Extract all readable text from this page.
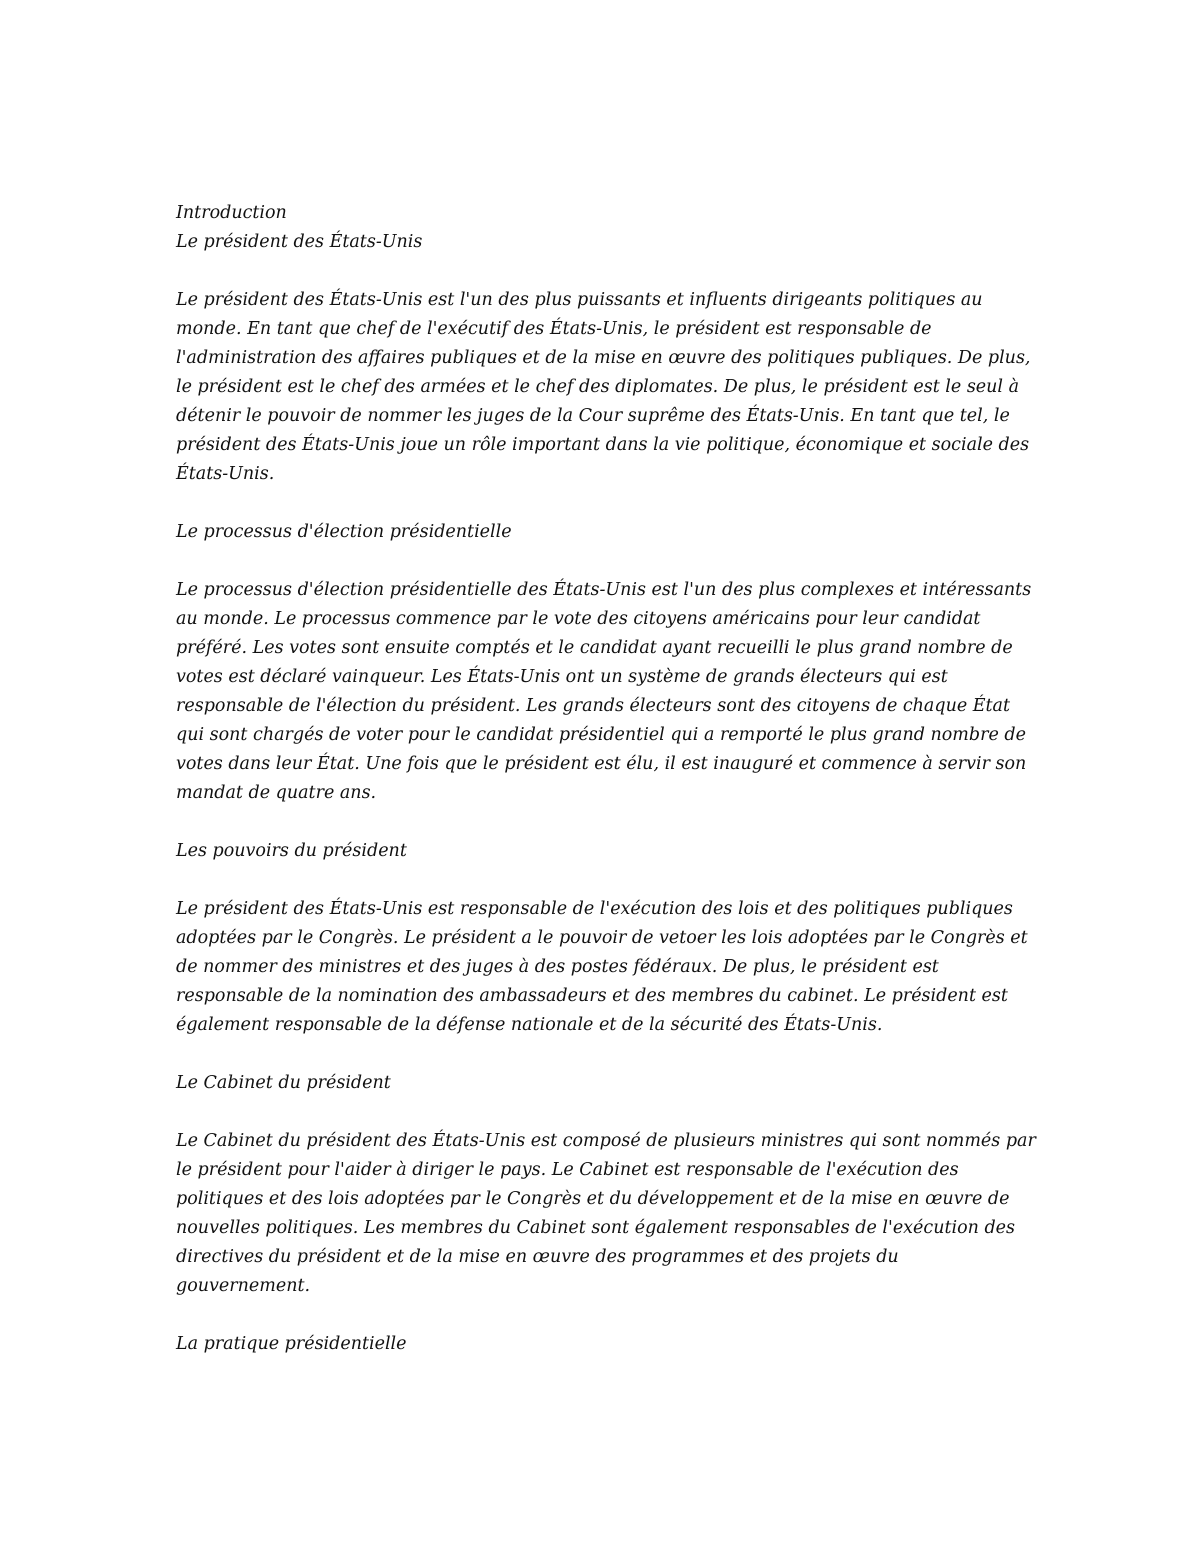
Introduction
Le président des États-Unis
Le président des États-Unis est l'un des plus puissants et influents dirigeants politiques au
monde. En tant que chef de l'exécutif des États-Unis, le président est responsable de
l'administration des affaires publiques et de la mise en œuvre des politiques publiques. De plus,
le président est le chef des armées et le chef des diplomates. De plus, le président est le seul à
détenir le pouvoir de nommer les juges de la Cour suprême des États-Unis. En tant que tel, le
président des États-Unis joue un rôle important dans la vie politique, économique et sociale des
États-Unis.
Le processus d'élection présidentielle
Le processus d'élection présidentielle des États-Unis est l'un des plus complexes et intéressants
au monde. Le processus commence par le vote des citoyens américains pour leur candidat
préféré. Les votes sont ensuite comptés et le candidat ayant recueilli le plus grand nombre de
votes est déclaré vainqueur. Les États-Unis ont un système de grands électeurs qui est
responsable de l'élection du président. Les grands électeurs sont des citoyens de chaque État
qui sont chargés de voter pour le candidat présidentiel qui a remporté le plus grand nombre de
votes dans leur État. Une fois que le président est élu, il est inauguré et commence à servir son
mandat de quatre ans.
Les pouvoirs du président
Le président des États-Unis est responsable de l'exécution des lois et des politiques publiques
adoptées par le Congrès. Le président a le pouvoir de vetoer les lois adoptées par le Congrès et
de nommer des ministres et des juges à des postes fédéraux. De plus, le président est
responsable de la nomination des ambassadeurs et des membres du cabinet. Le président est
également responsable de la défense nationale et de la sécurité des États-Unis.
Le Cabinet du président
Le Cabinet du président des États-Unis est composé de plusieurs ministres qui sont nommés par
le président pour l'aider à diriger le pays. Le Cabinet est responsable de l'exécution des
politiques et des lois adoptées par le Congrès et du développement et de la mise en œuvre de
nouvelles politiques. Les membres du Cabinet sont également responsables de l'exécution des
directives du président et de la mise en œuvre des programmes et des projets du
gouvernement.
La pratique présidentielle
